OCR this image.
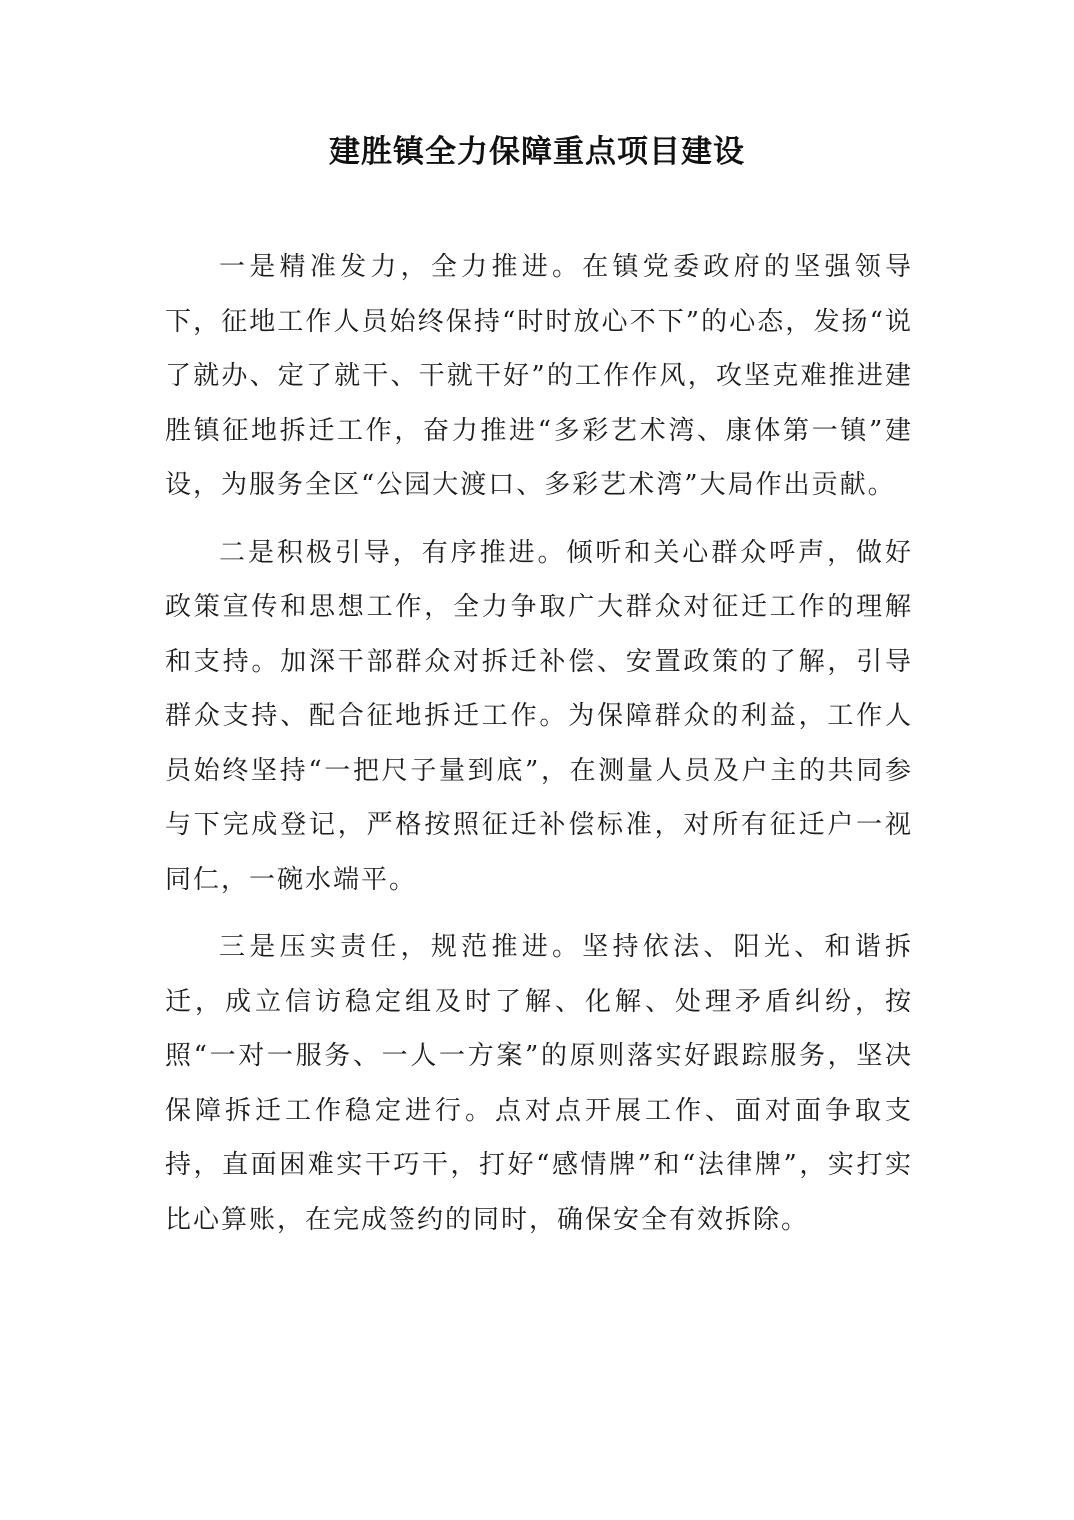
建胜镇全力保障重点项目建设

一是精准发力，全力推进。在镇党委政府的坚强领导下，征地工作人员始终保持“时时放心不下”的心态，发扬“说了就办、定了就干、干就干好”的工作作风，攻坚克难推进建胜镇征地拆迁工作，奋力推进“多彩艺术湾、康体第一镇”建设，为服务全区“公园大渡口、多彩艺术湾”大局作出贡献。

二是积极引导，有序推进。倾听和关心群众呼声，做好政策宣传和思想工作，全力争取广大群众对征迁工作的理解和支持。加深干部群众对拆迁补偿、安置政策的了解，引导群众支持、配合征地拆迁工作。为保障群众的利益，工作人员始终坚持“一把尺子量到底”，在测量人员及户主的共同参与下完成登记，严格按照征迁补偿标准，对所有征迁户一视同仁，一碗水端平。

三是压实责任，规范推进。坚持依法、阳光、和谐拆迁，成立信访稳定组及时了解、化解、处理矛盾纠纷，按照“一对一服务、一人一方案”的原则落实好跟踪服务，坚决保障拆迁工作稳定进行。点对点开展工作、面对面争取支持，直面困难实干巧干，打好“感情牌”和“法律牌”，实打实比心算账，在完成签约的同时，确保安全有效拆除。
